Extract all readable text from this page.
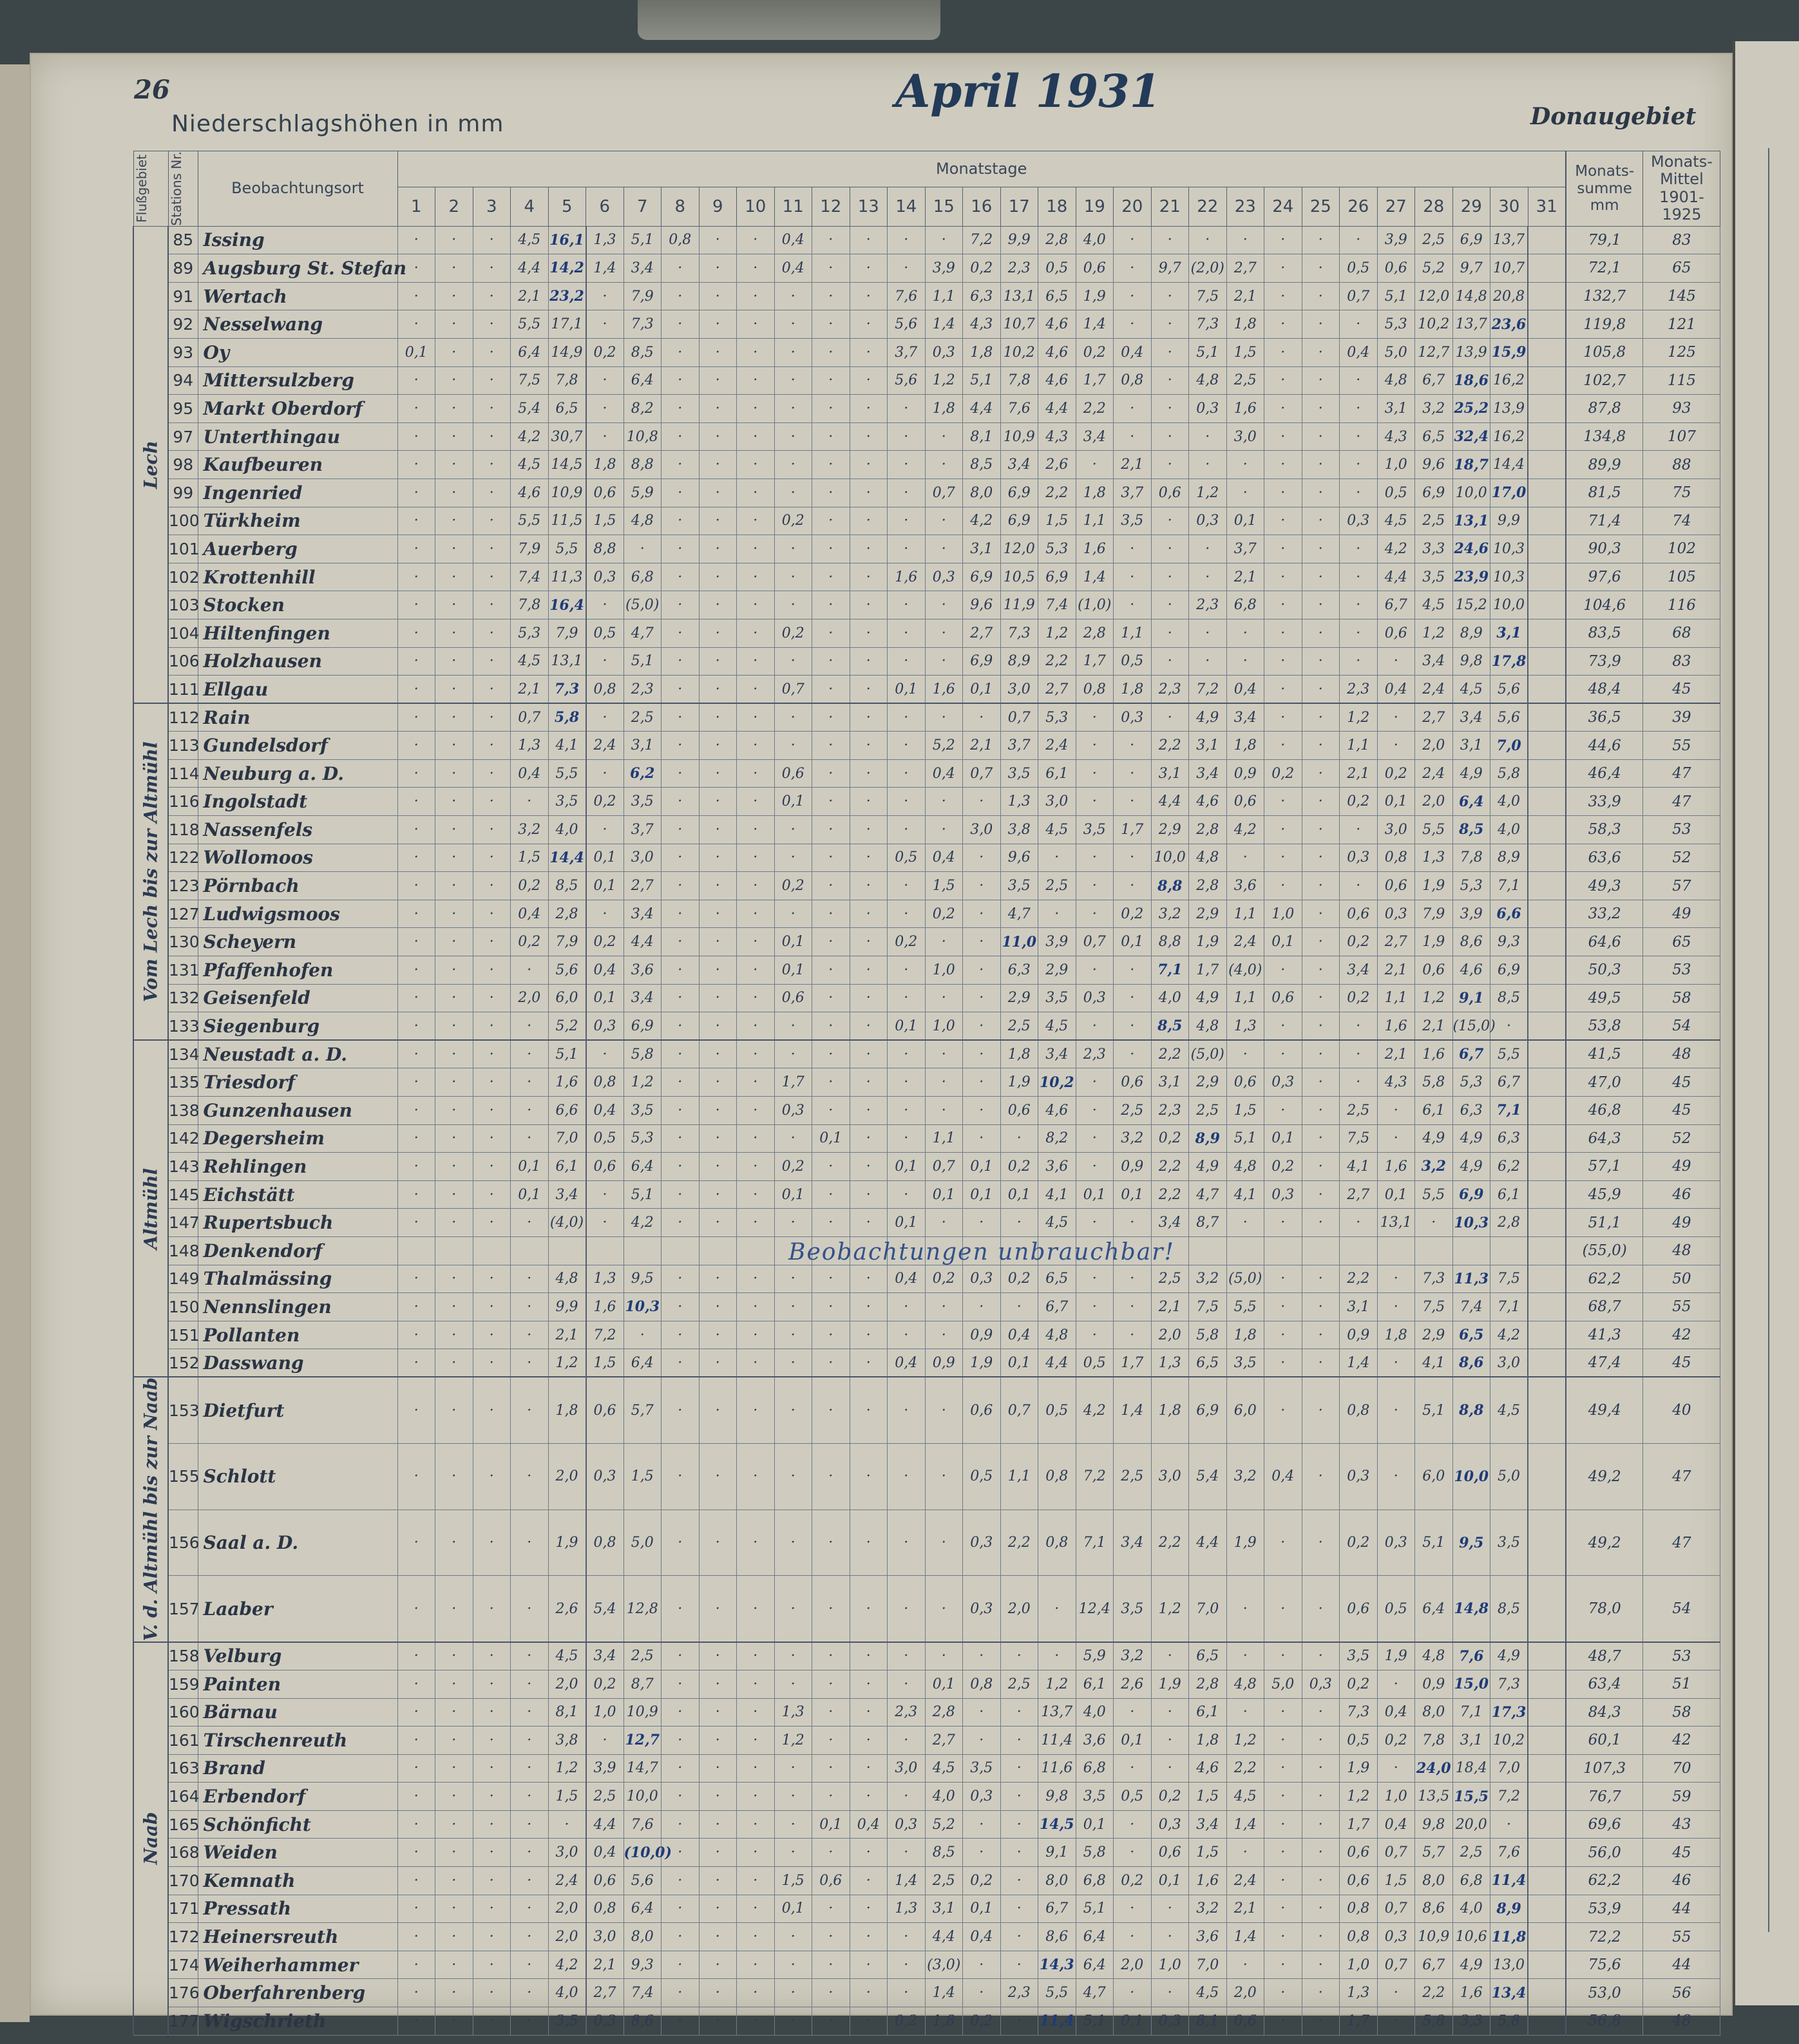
26
Niederschlagshöhen in mm
April 1931	Donaugebiet
Flußgebiet	Stations Nr.	Beobachtungsort	Monatstage																															Monats-summe mm	Monats-Mittel 1901-1925
			1	2	3	4	5	6	7	8	9	10	11	12	13	14	15	16	17	18	19	20	21	22	23	24	25	26	27	28	29	30	31		
Lech	85	Issing	·	·	·	4,5	16,1	1,3	5,1	0,8	·	·	0,4	·	·	·	·	7,2	9,9	2,8	4,0	·	·	·	·	·	·	·	3,9	2,5	6,9	13,7		79,1	83
	89	Augsburg St. Stefan	·	·	·	4,4	14,2	1,4	3,4	·	·	·	0,4	·	·	·	3,9	0,2	2,3	0,5	0,6	·	9,7	(2,0)	2,7	·	·	0,5	0,6	5,2	9,7	10,7		72,1	65
	91	Wertach	·	·	·	2,1	23,2	·	7,9	·	·	·	·	·	·	7,6	1,1	6,3	13,1	6,5	1,9	·	·	7,5	2,1	·	·	0,7	5,1	12,0	14,8	20,8		132,7	145
	92	Nesselwang	·	·	·	5,5	17,1	·	7,3	·	·	·	·	·	·	5,6	1,4	4,3	10,7	4,6	1,4	·	·	7,3	1,8	·	·	·	5,3	10,2	13,7	23,6		119,8	121
	93	Oy	0,1	·	·	6,4	14,9	0,2	8,5	·	·	·	·	·	·	3,7	0,3	1,8	10,2	4,6	0,2	0,4	·	5,1	1,5	·	·	0,4	5,0	12,7	13,9	15,9		105,8	125
	94	Mittersulzberg	·	·	·	7,5	7,8	·	6,4	·	·	·	·	·	·	5,6	1,2	5,1	7,8	4,6	1,7	0,8	·	4,8	2,5	·	·	·	4,8	6,7	18,6	16,2		102,7	115
	95	Markt Oberdorf	·	·	·	5,4	6,5	·	8,2	·	·	·	·	·	·	·	1,8	4,4	7,6	4,4	2,2	·	·	0,3	1,6	·	·	·	3,1	3,2	25,2	13,9		87,8	93
	97	Unterthingau	·	·	·	4,2	30,7	·	10,8	·	·	·	·	·	·	·	·	8,1	10,9	4,3	3,4	·	·	·	3,0	·	·	·	4,3	6,5	32,4	16,2		134,8	107
	98	Kaufbeuren	·	·	·	4,5	14,5	1,8	8,8	·	·	·	·	·	·	·	·	8,5	3,4	2,6	·	2,1	·	·	·	·	·	·	1,0	9,6	18,7	14,4		89,9	88
	99	Ingenried	·	·	·	4,6	10,9	0,6	5,9	·	·	·	·	·	·	·	0,7	8,0	6,9	2,2	1,8	3,7	0,6	1,2	·	·	·	·	0,5	6,9	10,0	17,0		81,5	75
	100	Türkheim	·	·	·	5,5	11,5	1,5	4,8	·	·	·	0,2	·	·	·	·	4,2	6,9	1,5	1,1	3,5	·	0,3	0,1	·	·	0,3	4,5	2,5	13,1	9,9		71,4	74
	101	Auerberg	·	·	·	7,9	5,5	8,8	·	·	·	·	·	·	·	·	·	3,1	12,0	5,3	1,6	·	·	·	3,7	·	·	·	4,2	3,3	24,6	10,3		90,3	102
	102	Krottenhill	·	·	·	7,4	11,3	0,3	6,8	·	·	·	·	·	·	1,6	0,3	6,9	10,5	6,9	1,4	·	·	·	2,1	·	·	·	4,4	3,5	23,9	10,3		97,6	105
	103	Stocken	·	·	·	7,8	16,4	·	(5,0)	·	·	·	·	·	·	·	·	9,6	11,9	7,4	(1,0)	·	·	2,3	6,8	·	·	·	6,7	4,5	15,2	10,0		104,6	116
	104	Hiltenfingen	·	·	·	5,3	7,9	0,5	4,7	·	·	·	0,2	·	·	·	·	2,7	7,3	1,2	2,8	1,1	·	·	·	·	·	·	0,6	1,2	8,9	3,1		83,5	68
	106	Holzhausen	·	·	·	4,5	13,1	·	5,1	·	·	·	·	·	·	·	·	6,9	8,9	2,2	1,7	0,5	·	·	·	·	·	·	·	3,4	9,8	17,8		73,9	83
	111	Ellgau	·	·	·	2,1	7,3	0,8	2,3	·	·	·	0,7	·	·	0,1	1,6	0,1	3,0	2,7	0,8	1,8	2,3	7,2	0,4	·	·	2,3	0,4	2,4	4,5	5,6		48,4	45
Vom Lech bis zur Altmühl	112	Rain	·	·	·	0,7	5,8	·	2,5	·	·	·	·	·	·	·	·	·	0,7	5,3	·	0,3	·	4,9	3,4	·	·	1,2	·	2,7	3,4	5,6		36,5	39
	113	Gundelsdorf	·	·	·	1,3	4,1	2,4	3,1	·	·	·	·	·	·	·	5,2	2,1	3,7	2,4	·	·	2,2	3,1	1,8	·	·	1,1	·	2,0	3,1	7,0		44,6	55
	114	Neuburg a. D.	·	·	·	0,4	5,5	·	6,2	·	·	·	0,6	·	·	·	0,4	0,7	3,5	6,1	·	·	3,1	3,4	0,9	0,2	·	2,1	0,2	2,4	4,9	5,8		46,4	47
	116	Ingolstadt	·	·	·	·	3,5	0,2	3,5	·	·	·	0,1	·	·	·	·	·	1,3	3,0	·	·	4,4	4,6	0,6	·	·	0,2	0,1	2,0	6,4	4,0		33,9	47
	118	Nassenfels	·	·	·	3,2	4,0	·	3,7	·	·	·	·	·	·	·	·	3,0	3,8	4,5	3,5	1,7	2,9	2,8	4,2	·	·	·	3,0	5,5	8,5	4,0		58,3	53
	122	Wollomoos	·	·	·	1,5	14,4	0,1	3,0	·	·	·	·	·	·	0,5	0,4	·	9,6	·	·	·	10,0	4,8	·	·	·	0,3	0,8	1,3	7,8	8,9		63,6	52
	123	Pörnbach	·	·	·	0,2	8,5	0,1	2,7	·	·	·	0,2	·	·	·	1,5	·	3,5	2,5	·	·	8,8	2,8	3,6	·	·	·	0,6	1,9	5,3	7,1		49,3	57
	127	Ludwigsmoos	·	·	·	0,4	2,8	·	3,4	·	·	·	·	·	·	·	0,2	·	4,7	·	·	0,2	3,2	2,9	1,1	1,0	·	0,6	0,3	7,9	3,9	6,6		33,2	49
	130	Scheyern	·	·	·	0,2	7,9	0,2	4,4	·	·	·	0,1	·	·	0,2	·	·	11,0	3,9	0,7	0,1	8,8	1,9	2,4	0,1	·	0,2	2,7	1,9	8,6	9,3		64,6	65
	131	Pfaffenhofen	·	·	·	·	5,6	0,4	3,6	·	·	·	0,1	·	·	·	1,0	·	6,3	2,9	·	·	7,1	1,7	(4,0)	·	·	3,4	2,1	0,6	4,6	6,9		50,3	53
	132	Geisenfeld	·	·	·	2,0	6,0	0,1	3,4	·	·	·	0,6	·	·	·	·	·	2,9	3,5	0,3	·	4,0	4,9	1,1	0,6	·	0,2	1,1	1,2	9,1	8,5		49,5	58
	133	Siegenburg	·	·	·	·	5,2	0,3	6,9	·	·	·	·	·	·	0,1	1,0	·	2,5	4,5	·	·	8,5	4,8	1,3	·	·	·	1,6	2,1	(15,0)	·		53,8	54
Altmühl	134	Neustadt a. D.	·	·	·	·	5,1	·	5,8	·	·	·	·	·	·	·	·	·	1,8	3,4	2,3	·	2,2	(5,0)	·	·	·	·	2,1	1,6	6,7	5,5		41,5	48
	135	Triesdorf	·	·	·	·	1,6	0,8	1,2	·	·	·	1,7	·	·	·	·	·	1,9	10,2	·	0,6	3,1	2,9	0,6	0,3	·	·	4,3	5,8	5,3	6,7		47,0	45
	138	Gunzenhausen	·	·	·	·	6,6	0,4	3,5	·	·	·	0,3	·	·	·	·	·	0,6	4,6	·	2,5	2,3	2,5	1,5	·	·	2,5	·	6,1	6,3	7,1		46,8	45
	142	Degersheim	·	·	·	·	7,0	0,5	5,3	·	·	·	·	0,1	·	·	1,1	·	·	8,2	·	3,2	0,2	8,9	5,1	0,1	·	7,5	·	4,9	4,9	6,3		64,3	52
	143	Rehlingen	·	·	·	0,1	6,1	0,6	6,4	·	·	·	0,2	·	·	0,1	0,7	0,1	0,2	3,6	·	0,9	2,2	4,9	4,8	0,2	·	4,1	1,6	3,2	4,9	6,2		57,1	49
	145	Eichstätt	·	·	·	0,1	3,4	·	5,1	·	·	·	0,1	·	·	·	0,1	0,1	0,1	4,1	0,1	0,1	2,2	4,7	4,1	0,3	·	2,7	0,1	5,5	6,9	6,1		45,9	46
	147	Rupertsbuch	·	·	·	·	(4,0)	·	4,2	·	·	·	·	·	·	0,1	·	·	·	4,5	·	·	3,4	8,7	·	·	·	·	13,1	·	10,3	2,8		51,1	49
	148	Denkendorf																																(55,0)	48
	149	Thalmässing	·	·	·	·	4,8	1,3	9,5	·	·	·	·	·	·	0,4	0,2	0,3	0,2	6,5	·	·	2,5	3,2	(5,0)	·	·	2,2	·	7,3	11,3	7,5		62,2	50
	150	Nennslingen	·	·	·	·	9,9	1,6	10,3	·	·	·	·	·	·	·	·	·	·	6,7	·	·	2,1	7,5	5,5	·	·	3,1	·	7,5	7,4	7,1		68,7	55
	151	Pollanten	·	·	·	·	2,1	7,2	·	·	·	·	·	·	·	·	·	0,9	0,4	4,8	·	·	2,0	5,8	1,8	·	·	0,9	1,8	2,9	6,5	4,2		41,3	42
	152	Dasswang	·	·	·	·	1,2	1,5	6,4	·	·	·	·	·	·	0,4	0,9	1,9	0,1	4,4	0,5	1,7	1,3	6,5	3,5	·	·	1,4	·	4,1	8,6	3,0		47,4	45
V. d. Altmühl bis zur Naab	153	Dietfurt	·	·	·	·	1,8	0,6	5,7	·	·	·	·	·	·	·	·	0,6	0,7	0,5	4,2	1,4	1,8	6,9	6,0	·	·	0,8	·	5,1	8,8	4,5		49,4	40
	155	Schlott	·	·	·	·	2,0	0,3	1,5	·	·	·	·	·	·	·	·	0,5	1,1	0,8	7,2	2,5	3,0	5,4	3,2	0,4	·	0,3	·	6,0	10,0	5,0		49,2	47
	156	Saal a. D.	·	·	·	·	1,9	0,8	5,0	·	·	·	·	·	·	·	·	0,3	2,2	0,8	7,1	3,4	2,2	4,4	1,9	·	·	0,2	0,3	5,1	9,5	3,5		49,2	47
	157	Laaber	·	·	·	·	2,6	5,4	12,8	·	·	·	·	·	·	·	·	0,3	2,0	·	12,4	3,5	1,2	7,0	·	·	·	0,6	0,5	6,4	14,8	8,5		78,0	54
Naab	158	Velburg	·	·	·	·	4,5	3,4	2,5	·	·	·	·	·	·	·	·	·	·	·	5,9	3,2	·	6,5	·	·	·	3,5	1,9	4,8	7,6	4,9		48,7	53
	159	Painten	·	·	·	·	2,0	0,2	8,7	·	·	·	·	·	·	·	0,1	0,8	2,5	1,2	6,1	2,6	1,9	2,8	4,8	5,0	0,3	0,2	·	0,9	15,0	7,3		63,4	51
	160	Bärnau	·	·	·	·	8,1	1,0	10,9	·	·	·	1,3	·	·	2,3	2,8	·	·	13,7	4,0	·	·	6,1	·	·	·	7,3	0,4	8,0	7,1	17,3		84,3	58
	161	Tirschenreuth	·	·	·	·	3,8	·	12,7	·	·	·	1,2	·	·	·	2,7	·	·	11,4	3,6	0,1	·	1,8	1,2	·	·	0,5	0,2	7,8	3,1	10,2		60,1	42
	163	Brand	·	·	·	·	1,2	3,9	14,7	·	·	·	·	·	·	3,0	4,5	3,5	·	11,6	6,8	·	·	4,6	2,2	·	·	1,9	·	24,0	18,4	7,0		107,3	70
	164	Erbendorf	·	·	·	·	1,5	2,5	10,0	·	·	·	·	·	·	·	4,0	0,3	·	9,8	3,5	0,5	0,2	1,5	4,5	·	·	1,2	1,0	13,5	15,5	7,2		76,7	59
	165	Schönficht	·	·	·	·	·	4,4	7,6	·	·	·	·	0,1	0,4	0,3	5,2	·	·	14,5	0,1	·	0,3	3,4	1,4	·	·	1,7	0,4	9,8	20,0	·		69,6	43
	168	Weiden	·	·	·	·	3,0	0,4	(10,0)	·	·	·	·	·	·	·	8,5	·	·	9,1	5,8	·	0,6	1,5	·	·	·	0,6	0,7	5,7	2,5	7,6		56,0	45
	170	Kemnath	·	·	·	·	2,4	0,6	5,6	·	·	·	1,5	0,6	·	1,4	2,5	0,2	·	8,0	6,8	0,2	0,1	1,6	2,4	·	·	0,6	1,5	8,0	6,8	11,4		62,2	46
	171	Pressath	·	·	·	·	2,0	0,8	6,4	·	·	·	0,1	·	·	1,3	3,1	0,1	·	6,7	5,1	·	·	3,2	2,1	·	·	0,8	0,7	8,6	4,0	8,9		53,9	44
	172	Heinersreuth	·	·	·	·	2,0	3,0	8,0	·	·	·	·	·	·	·	4,4	0,4	·	8,6	6,4	·	·	3,6	1,4	·	·	0,8	0,3	10,9	10,6	11,8		72,2	55
	174	Weiherhammer	·	·	·	·	4,2	2,1	9,3	·	·	·	·	·	·	·	(3,0)	·	·	14,3	6,4	2,0	1,0	7,0	·	·	·	1,0	0,7	6,7	4,9	13,0		75,6	44
	176	Oberfahrenberg	·	·	·	·	4,0	2,7	7,4	·	·	·	·	·	·	·	1,4	·	2,3	5,5	4,7	·	·	4,5	2,0	·	·	1,3	·	2,2	1,6	13,4		53,0	56
	177	Wigschrieth	·	·	·	·	3,5	0,3	8,6	·	·	·	·	·	·	0,2	1,8	0,2	·	11,4	5,1	0,1	0,3	8,1	0,6	·	·	1,7	·	5,8	3,3	5,8		56,8	48
Beobachtungen unbrauchbar!
